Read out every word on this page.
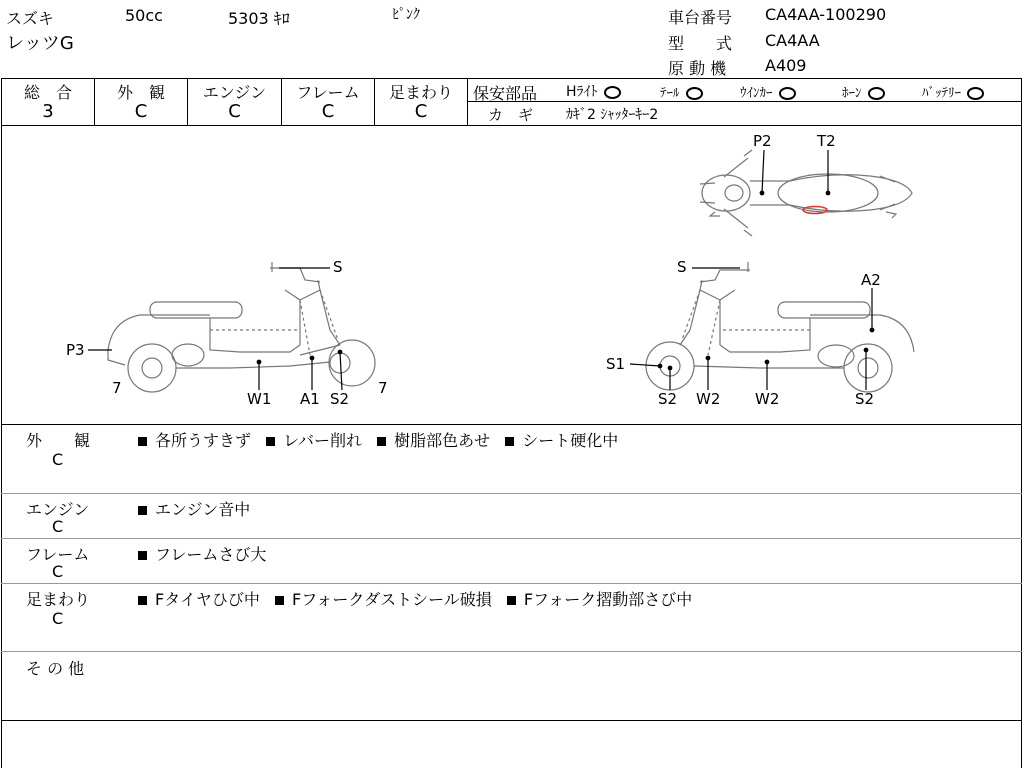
スズキ	50cc	5303 ｷﾛ	ﾋﾟﾝｸ
レッツG
車台番号 CA4AA-100290
型　　式 CA4AA
原 動 機 A409
総　合
3
外　観
C
エンジン
C
フレーム
C
足まわり
C
保安部品 Hﾗｲﾄ	ﾃｰﾙ	ｳｲﾝｶｰ	ﾎｰﾝ	ﾊﾞｯﾃﾘｰ
カ　ギ ｶｷﾞ2 ｼｬｯﾀｰｷｰ2
P2	T2
S
P3
7
W1 A1 S2
7
S
A2
S1
S2 W2 W2	S2
外　　観
C
各所うすきず レバー削れ 樹脂部色あせ シート硬化中
エンジン
C
エンジン音中
フレーム
C
フレームさび大
足まわり
C
Fタイヤひび中 Fフォークダストシール破損 Fフォーク摺動部さび中
そ の 他
